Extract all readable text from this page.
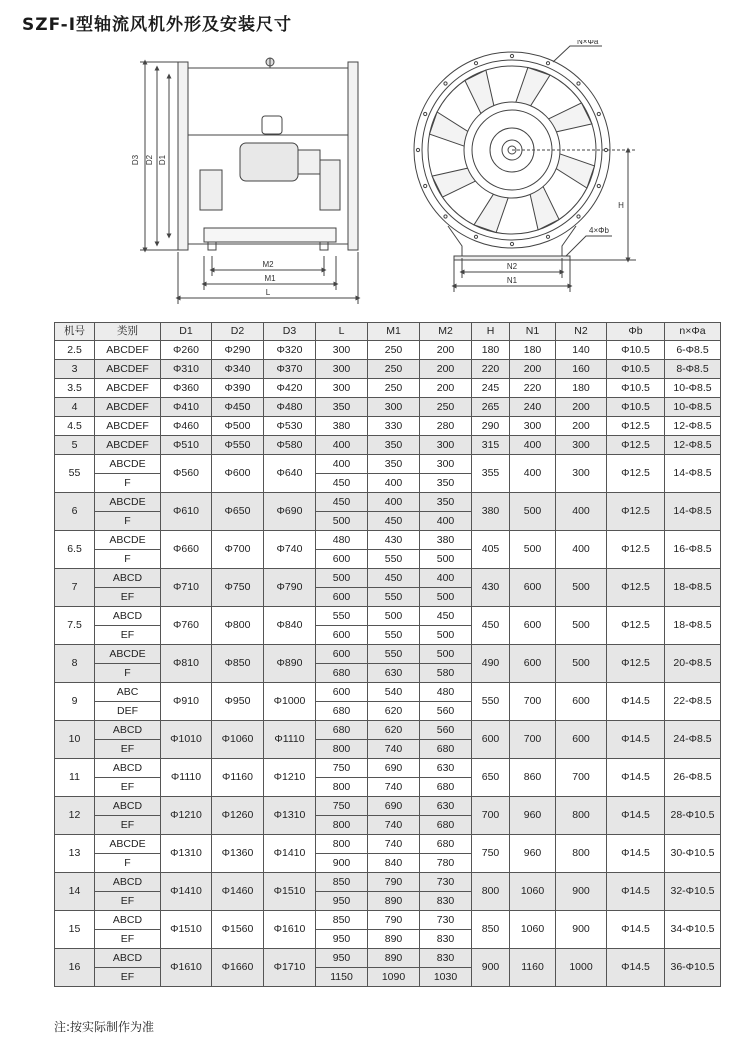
SZF-Ⅰ型轴流风机外形及安装尺寸
D3 D2 D1
M2
M1
L
N×Φa
4×Φb
H
N2
N1
机号	类别	D1	D2	D3	L	M1	M2	H	N1	N2	Φb	n×Φa
2.5	ABCDEF	Φ260	Φ290	Φ320	300	250	200	180	180	140	Φ10.5	6-Φ8.5
3	ABCDEF	Φ310	Φ340	Φ370	300	250	200	220	200	160	Φ10.5	8-Φ8.5
3.5	ABCDEF	Φ360	Φ390	Φ420	300	250	200	245	220	180	Φ10.5	10-Φ8.5
4	ABCDEF	Φ410	Φ450	Φ480	350	300	250	265	240	200	Φ10.5	10-Φ8.5
4.5	ABCDEF	Φ460	Φ500	Φ530	380	330	280	290	300	200	Φ12.5	12-Φ8.5
5	ABCDEF	Φ510	Φ550	Φ580	400	350	300	315	400	300	Φ12.5	12-Φ8.5
55	ABCDE	Φ560	Φ600	Φ640	400	350	300	355	400	300	Φ12.5	14-Φ8.5
	F				450	400	350					
6	ABCDE	Φ610	Φ650	Φ690	450	400	350	380	500	400	Φ12.5	14-Φ8.5
	F				500	450	400					
6.5	ABCDE	Φ660	Φ700	Φ740	480	430	380	405	500	400	Φ12.5	16-Φ8.5
	F				600	550	500					
7	ABCD	Φ710	Φ750	Φ790	500	450	400	430	600	500	Φ12.5	18-Φ8.5
	EF				600	550	500					
7.5	ABCD	Φ760	Φ800	Φ840	550	500	450	450	600	500	Φ12.5	18-Φ8.5
	EF				600	550	500					
8	ABCDE	Φ810	Φ850	Φ890	600	550	500	490	600	500	Φ12.5	20-Φ8.5
	F				680	630	580					
9	ABC	Φ910	Φ950	Φ1000	600	540	480	550	700	600	Φ14.5	22-Φ8.5
	DEF				680	620	560					
10	ABCD	Φ1010	Φ1060	Φ1110	680	620	560	600	700	600	Φ14.5	24-Φ8.5
	EF				800	740	680					
11	ABCD	Φ1110	Φ1160	Φ1210	750	690	630	650	860	700	Φ14.5	26-Φ8.5
	EF				800	740	680					
12	ABCD	Φ1210	Φ1260	Φ1310	750	690	630	700	960	800	Φ14.5	28-Φ10.5
	EF				800	740	680					
13	ABCDE	Φ1310	Φ1360	Φ1410	800	740	680	750	960	800	Φ14.5	30-Φ10.5
	F				900	840	780					
14	ABCD	Φ1410	Φ1460	Φ1510	850	790	730	800	1060	900	Φ14.5	32-Φ10.5
	EF				950	890	830					
15	ABCD	Φ1510	Φ1560	Φ1610	850	790	730	850	1060	900	Φ14.5	34-Φ10.5
	EF				950	890	830					
16	ABCD	Φ1610	Φ1660	Φ1710	950	890	830	900	1160	1000	Φ14.5	36-Φ10.5
	EF				1150	1090	1030					
注:按实际制作为准
